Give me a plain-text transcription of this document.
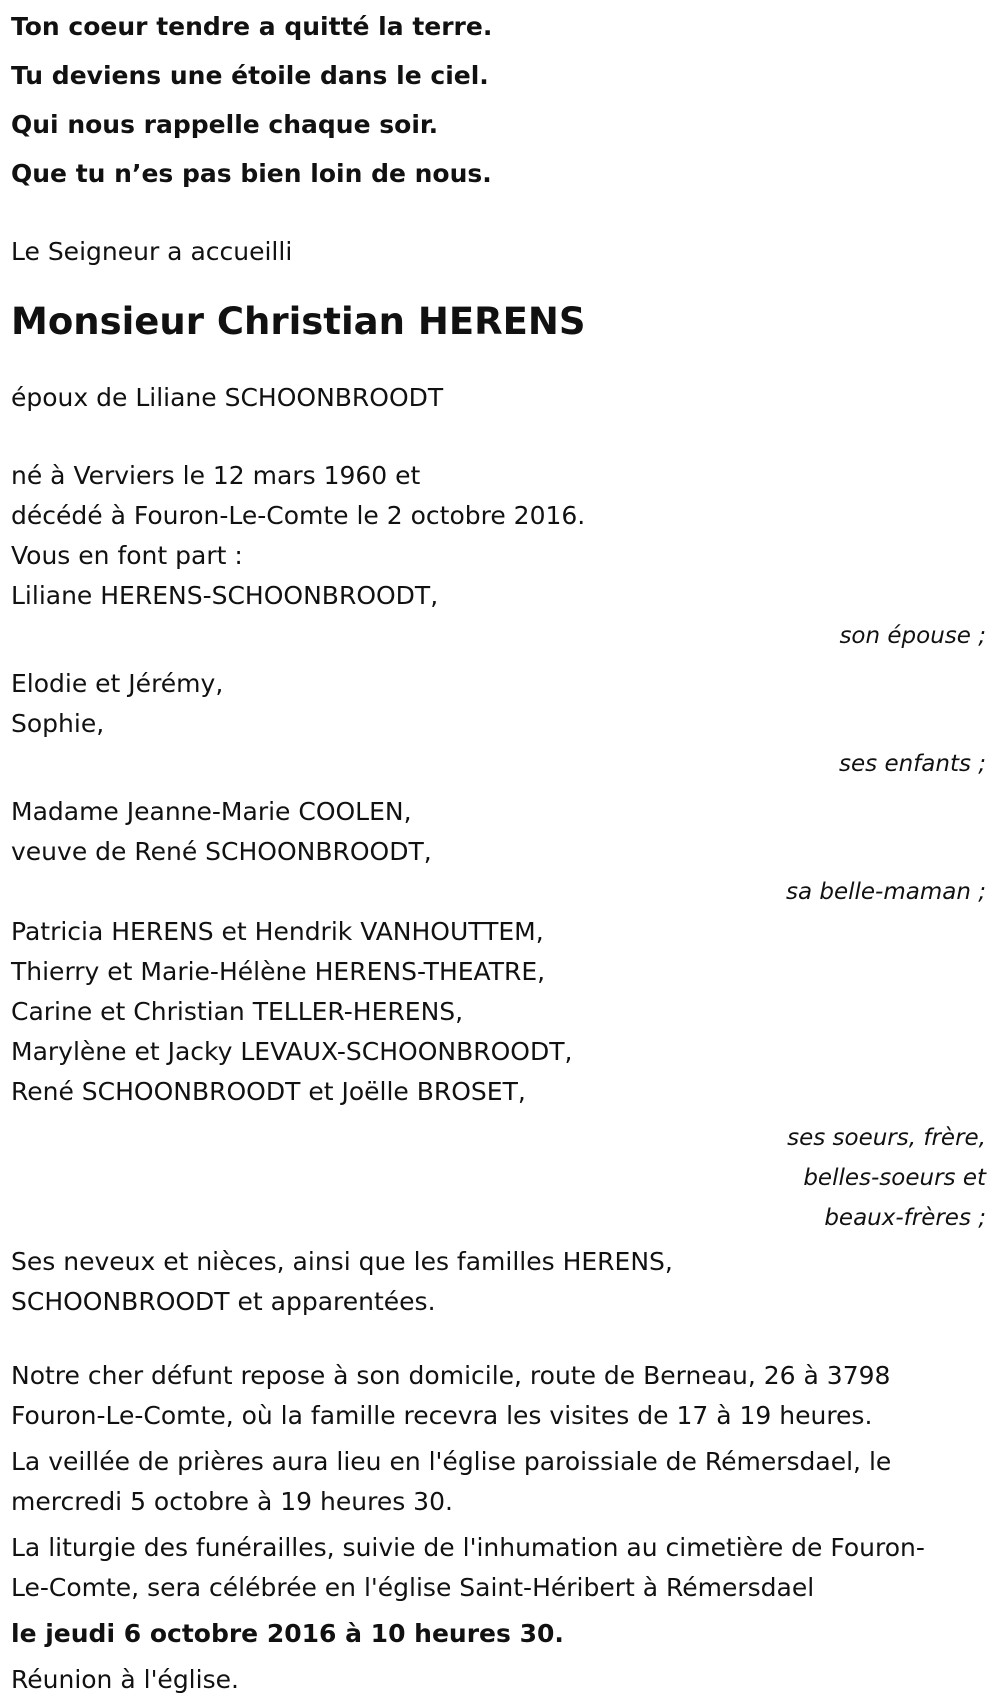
Ton coeur tendre a quitté la terre.

Tu deviens une étoile dans le ciel.

Qui nous rappelle chaque soir.

Que tu n’es pas bien loin de nous.

Le Seigneur a accueilli
Monsieur Christian HERENS
époux de Liliane SCHOONBROODT
né à Verviers le 12 mars 1960 et
décédé à Fouron-Le-Comte le 2 octobre 2016.
Vous en font part :
Liliane HERENS-SCHOONBROODT,
son épouse ;
Elodie et Jérémy,
Sophie,
ses enfants ;
Madame Jeanne-Marie COOLEN,
veuve de René SCHOONBROODT,
sa belle-maman ;
Patricia HERENS et Hendrik VANHOUTTEM,
Thierry et Marie-Hélène HERENS-THEATRE,
Carine et Christian TELLER-HERENS,
Marylène et Jacky LEVAUX-SCHOONBROODT,
René SCHOONBROODT et Joëlle BROSET,
ses soeurs, frère,
belles-soeurs et
beaux-frères ;
Ses neveux et nièces, ainsi que les familles HERENS,
SCHOONBROODT et apparentées.
Notre cher défunt repose à son domicile, route de Berneau, 26 à 3798
Fouron-Le-Comte, où la famille recevra les visites de 17 à 19 heures.
La veillée de prières aura lieu en l'église paroissiale de Rémersdael, le
mercredi 5 octobre à 19 heures 30.
La liturgie des funérailles, suivie de l'inhumation au cimetière de Fouron-
Le-Comte, sera célébrée en l'église Saint-Héribert à Rémersdael
le jeudi 6 octobre 2016 à 10 heures 30.
Réunion à l'église.
